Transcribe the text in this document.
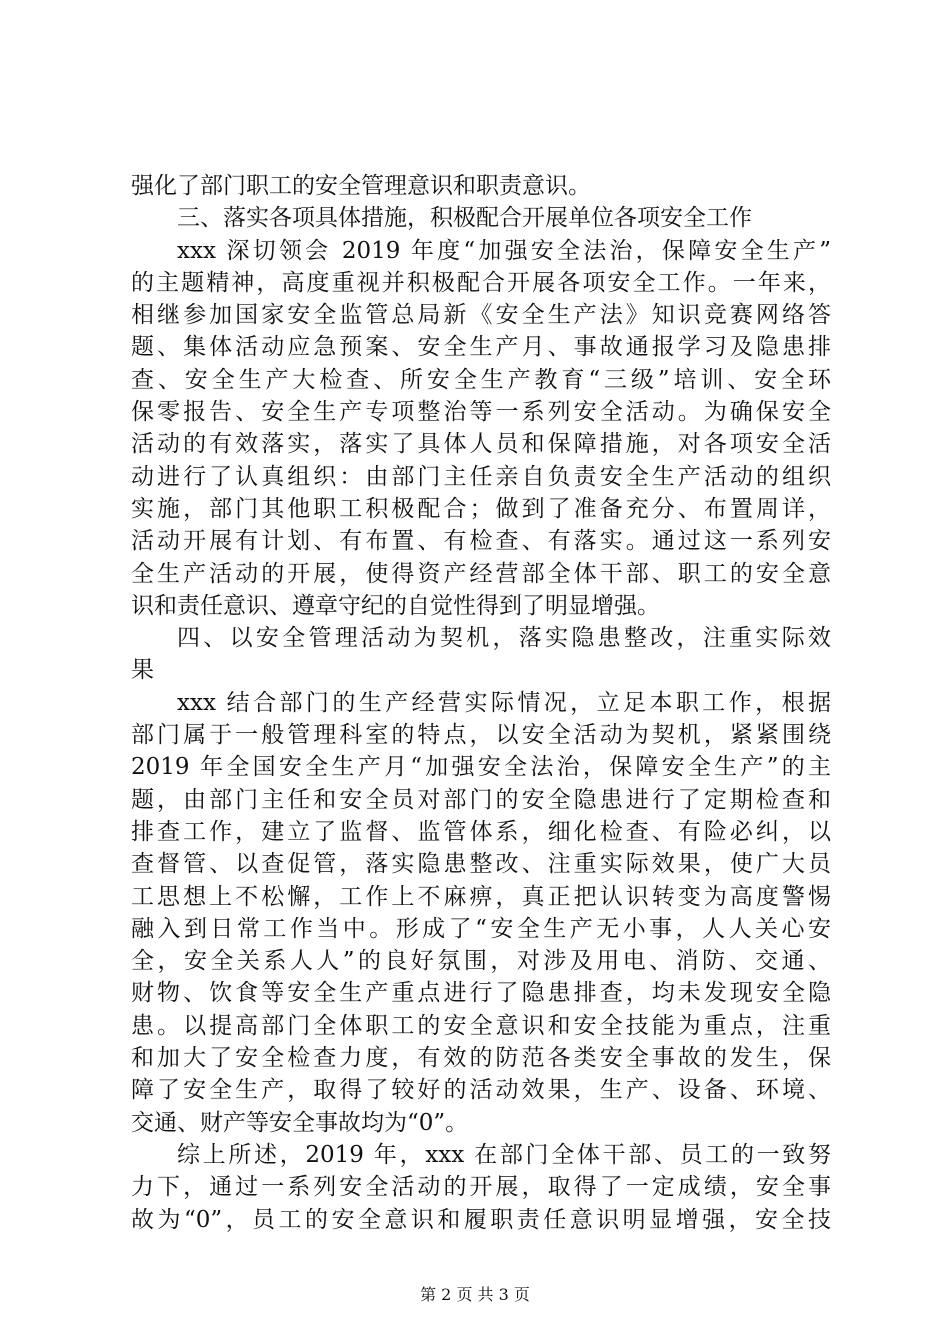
强化了部门职工的安全管理意识和职责意识。
三、落实各项具体措施，积极配合开展单位各项安全工作
xxx 深切领会 2019 年度“加强安全法治，保障安全生产”
的主题精神，高度重视并积极配合开展各项安全工作。一年来，
相继参加国家安全监管总局新《安全生产法》知识竞赛网络答
题、集体活动应急预案、安全生产月、事故通报学习及隐患排
查、安全生产大检查、所安全生产教育“三级”培训、安全环
保零报告、安全生产专项整治等一系列安全活动。为确保安全
活动的有效落实，落实了具体人员和保障措施，对各项安全活
动进行了认真组织：由部门主任亲自负责安全生产活动的组织
实施，部门其他职工积极配合；做到了准备充分、布置周详，
活动开展有计划、有布置、有检查、有落实。通过这一系列安
全生产活动的开展，使得资产经营部全体干部、职工的安全意
识和责任意识、遵章守纪的自觉性得到了明显增强。
四、以安全管理活动为契机，落实隐患整改，注重实际效
果
xxx 结合部门的生产经营实际情况，立足本职工作，根据
部门属于一般管理科室的特点，以安全活动为契机，紧紧围绕
2019 年全国安全生产月“加强安全法治，保障安全生产”的主
题，由部门主任和安全员对部门的安全隐患进行了定期检查和
排查工作，建立了监督、监管体系，细化检查、有险必纠，以
查督管、以查促管，落实隐患整改、注重实际效果，使广大员
工思想上不松懈，工作上不麻痹，真正把认识转变为高度警惕
融入到日常工作当中。形成了“安全生产无小事，人人关心安
全，安全关系人人”的良好氛围，对涉及用电、消防、交通、
财物、饮食等安全生产重点进行了隐患排查，均未发现安全隐
患。以提高部门全体职工的安全意识和安全技能为重点，注重
和加大了安全检查力度，有效的防范各类安全事故的发生，保
障了安全生产，取得了较好的活动效果，生产、设备、环境、
交通、财产等安全事故均为“0”。
综上所述，2019 年，xxx 在部门全体干部、员工的一致努
力下，通过一系列安全活动的开展，取得了一定成绩，安全事
故为“0”，员工的安全意识和履职责任意识明显增强，安全技
第 2 页 共 3 页
